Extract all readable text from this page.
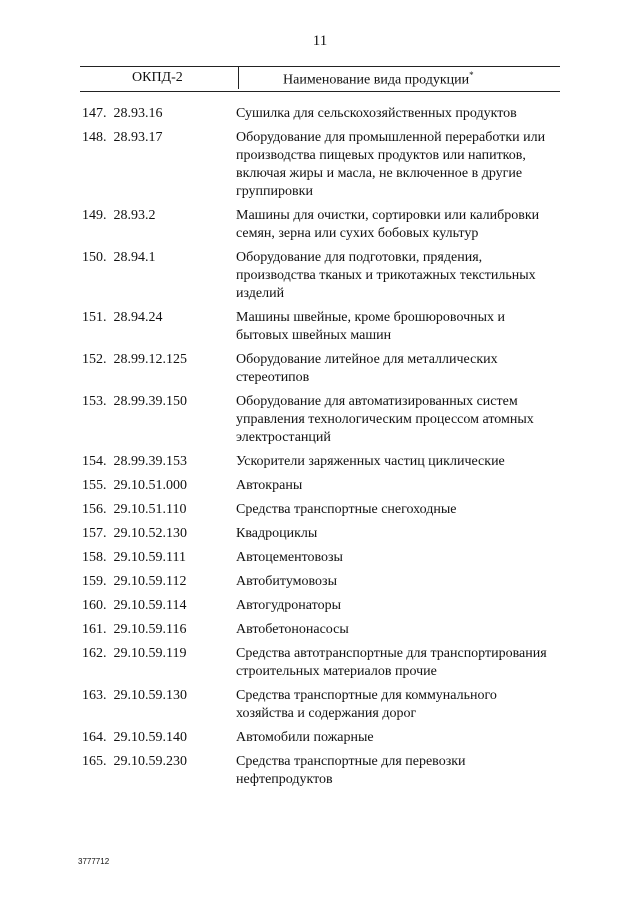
11
ОКПД-2	Наименование вида продукции*
147. 28.93.16	Сушилка для сельскохозяйственных продуктов
148. 28.93.17	Оборудование для промышленной переработки или производства пищевых продуктов или напитков, включая жиры и масла, не включенное в другие группировки
149. 28.93.2	Машины для очистки, сортировки или калибровки семян, зерна или сухих бобовых культур
150. 28.94.1	Оборудование для подготовки, прядения, производства тканых и трикотажных текстильных изделий
151. 28.94.24	Машины швейные, кроме брошюровочных и бытовых швейных машин
152. 28.99.12.125	Оборудование литейное для металлических стереотипов
153. 28.99.39.150	Оборудование для автоматизированных систем управления технологическим процессом атомных электростанций
154. 28.99.39.153	Ускорители заряженных частиц циклические
155. 29.10.51.000	Автокраны
156. 29.10.51.110	Средства транспортные снегоходные
157. 29.10.52.130	Квадроциклы
158. 29.10.59.111	Автоцементовозы
159. 29.10.59.112	Автобитумовозы
160. 29.10.59.114	Автогудронаторы
161. 29.10.59.116	Автобетононасосы
162. 29.10.59.119	Средства автотранспортные для транспортирования строительных материалов прочие
163. 29.10.59.130	Средства транспортные для коммунального хозяйства и содержания дорог
164. 29.10.59.140	Автомобили пожарные
165. 29.10.59.230	Средства транспортные для перевозки нефтепродуктов
3777712
